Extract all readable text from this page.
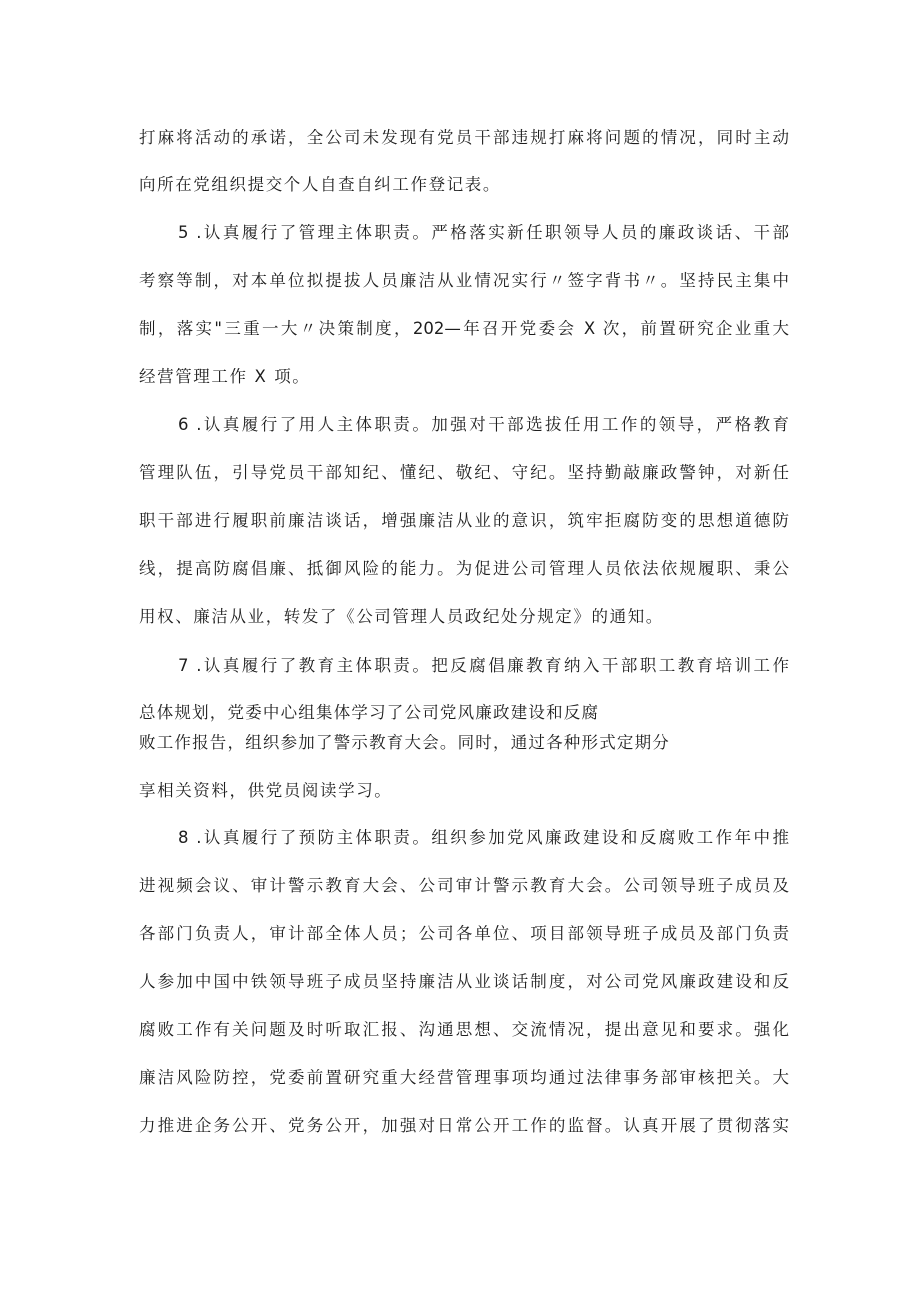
打麻将活动的承诺，全公司未发现有党员干部违规打麻将问题的情况，同时主动
向所在党组织提交个人自查自纠工作登记表。
5 .认真履行了管理主体职责。严格落实新任职领导人员的廉政谈话、干部
考察等制，对本单位拟提拔人员廉洁从业情况实行〃签字背书〃。坚持民主集中
制，落实"三重一大〃决策制度，202—年召开党委会 X 次，前置研究企业重大
经营管理工作 X 项。
6 .认真履行了用人主体职责。加强对干部选拔任用工作的领导，严格教育
管理队伍，引导党员干部知纪、懂纪、敬纪、守纪。坚持勤敲廉政警钟，对新任
职干部进行履职前廉洁谈话，增强廉洁从业的意识，筑牢拒腐防变的思想道德防
线，提高防腐倡廉、抵御风险的能力。为促进公司管理人员依法依规履职、秉公
用权、廉洁从业，转发了《公司管理人员政纪处分规定》的通知。
7 .认真履行了教育主体职责。把反腐倡廉教育纳入干部职工教育培训工作
总体规划，党委中心组集体学习了公司党风廉政建设和反腐
败工作报告，组织参加了警示教育大会。同时，通过各种形式定期分
享相关资料，供党员阅读学习。
8 .认真履行了预防主体职责。组织参加党风廉政建设和反腐败工作年中推
进视频会议、审计警示教育大会、公司审计警示教育大会。公司领导班子成员及
各部门负责人，审计部全体人员；公司各单位、项目部领导班子成员及部门负责
人参加中国中铁领导班子成员坚持廉洁从业谈话制度，对公司党风廉政建设和反
腐败工作有关问题及时听取汇报、沟通思想、交流情况，提出意见和要求。强化
廉洁风险防控，党委前置研究重大经营管理事项均通过法律事务部审核把关。大
力推进企务公开、党务公开，加强对日常公开工作的监督。认真开展了贯彻落实
